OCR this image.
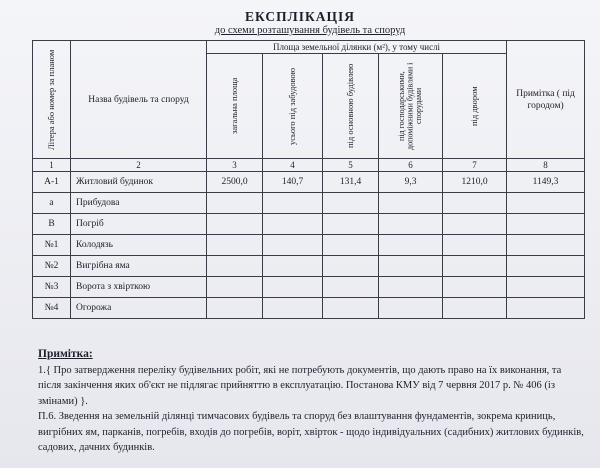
ЕКСПЛІКАЦІЯ
до схеми розташування будівель та споруд
Літера або номер за планом	Назва будівель та споруд	Площа земельної ділянки (м²), у тому числі					Примітка ( під городом)

		загальна площа	усього під забудовою	під основною будівлею	під господарськими, допоміжними будівлями і спорудами	під двором	

1	2	3	4	5	6	7	8
А-1	Житловий будинок	2500,0	140,7	131,4	9,3	1210,0	1149,3
а	Прибудова						
В	Погріб						
№1	Колодязь						
№2	Вигрібна яма						
№3	Ворота з хвірткою						
№4	Огорожа						
Примітка:

1.{ Про затвердження переліку будівельних робіт, які не потребують документів, що дають право на їх виконання, та після закінчення яких об'єкт не підлягає прийняттю в експлуатацію. Постанова КМУ від 7 червня 2017 р. № 406 (із змінами) }.

П.6. Зведення на земельній ділянці тимчасових будівель та споруд без влаштування фундаментів, зокрема криниць, вигрібних ям, парканів, погребів, входів до погребів, воріт, хвірток - щодо індивідуальних (садибних) житлових будинків, садових, дачних будинків.
